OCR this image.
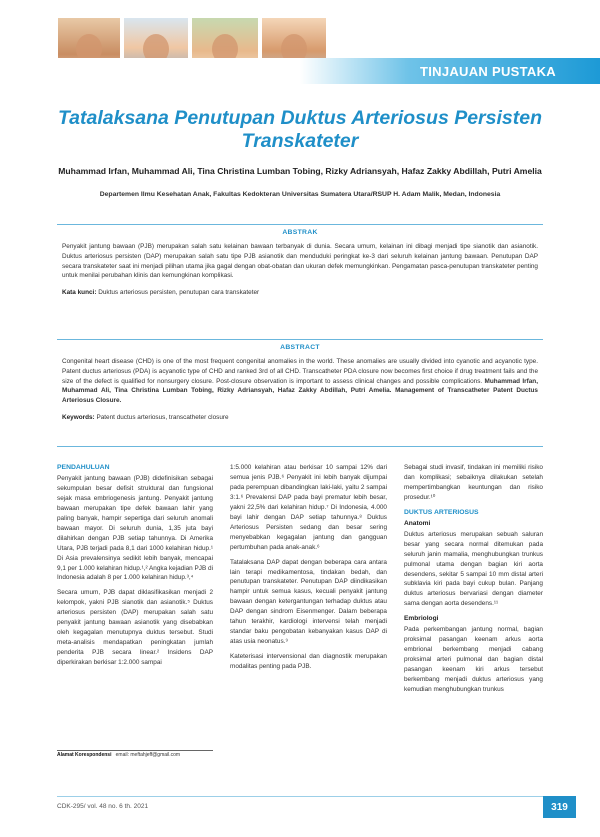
TINJAUAN PUSTAKA
Tatalaksana Penutupan Duktus Arteriosus Persisten Transkateter

Muhammad Irfan, Muhammad Ali, Tina Christina Lumban Tobing, Rizky Adriansyah, Hafaz Zakky Abdillah, Putri Amelia

Departemen Ilmu Kesehatan Anak, Fakultas Kedokteran Universitas Sumatera Utara/RSUP H. Adam Malik, Medan, Indonesia

ABSTRAK

Penyakit jantung bawaan (PJB) merupakan salah satu kelainan bawaan terbanyak di dunia. Secara umum, kelainan ini dibagi menjadi tipe sianotik dan asianotik. Duktus arteriosus persisten (DAP) merupakan salah satu tipe PJB asianotik dan menduduki peringkat ke-3 dari seluruh kelainan jantung bawaan. Penutupan DAP secara transkateter saat ini menjadi pilihan utama jika gagal dengan obat-obatan dan ukuran defek memungkinkan. Pengamatan pasca-penutupan transkateter penting untuk menilai perubahan klinis dan kemungkinan komplikasi.

Kata kunci: Duktus arteriosus persisten, penutupan cara transkateter

ABSTRACT

Congenital heart disease (CHD) is one of the most frequent congenital anomalies in the world. These anomalies are usually divided into cyanotic and acyanotic type. Patent ductus arteriosus (PDA) is acyanotic type of CHD and ranked 3rd of all CHD. Transcatheter PDA closure now becomes first choice if drug treatment fails and the size of the defect is qualified for nonsurgery closure. Post-closure observation is important to assess clinical changes and possible complications. Muhammad Irfan, Muhammad Ali, Tina Christina Lumban Tobing, Rizky Adriansyah, Hafaz Zakky Abdillah, Putri Amelia. Management of Transcatheter Patent Ductus Arteriosus Closure.

Keywords: Patent ductus arteriosus, transcatheter closure

PENDAHULUAN

Penyakit jantung bawaan (PJB) didefinisikan sebagai sekumpulan besar defisit struktural dan fungsional sejak masa embriogenesis jantung. Penyakit jantung bawaan merupakan tipe defek bawaan lahir yang paling banyak, hampir sepertiga dari seluruh anomali bawaan mayor. Di seluruh dunia, 1,35 juta bayi dilahirkan dengan PJB setiap tahunnya. Di Amerika Utara, PJB terjadi pada 8,1 dari 1000 kelahiran hidup.¹ Di Asia prevalensinya sedikit lebih banyak, mencapai 9,1 per 1.000 kelahiran hidup.¹,² Angka kejadian PJB di Indonesia adalah 8 per 1.000 kelahiran hidup.³,⁴

Secara umum, PJB dapat diklasifikasikan menjadi 2 kelompok, yakni PJB sianotik dan asianotik.⁵ Duktus arteriosus persisten (DAP) merupakan salah satu penyakit jantung bawaan asianotik yang disebabkan oleh kegagalan menutupnya duktus tersebut. Studi meta-analisis mendapatkan peningkatan jumlah penderita PJB secara linear.² Insidens DAP diperkirakan berkisar 1:2.000 sampai

1:5.000 kelahiran atau berkisar 10 sampai 12% dari semua jenis PJB.⁶ Penyakit ini lebih banyak dijumpai pada perempuan dibandingkan laki-laki, yaitu 2 sampai 3:1.⁶ Prevalensi DAP pada bayi prematur lebih besar, yakni 22,5% dari kelahiran hidup.⁷ Di Indonesia, 4.000 bayi lahir dengan DAP setiap tahunnya.⁸ Duktus Arteriosus Persisten sedang dan besar sering menyebabkan kegagalan jantung dan gangguan pertumbuhan pada anak-anak.⁶

Tatalaksana DAP dapat dengan beberapa cara antara lain terapi medikamentosa, tindakan bedah, dan penutupan transkateter. Penutupan DAP diindikasikan hampir untuk semua kasus, kecuali penyakit jantung bawaan dengan ketergantungan terhadap duktus atau DAP dengan sindrom Eisenmenger. Dalam beberapa tahun terakhir, kardiologi intervensi telah menjadi standar baku pengobatan kebanyakan kasus DAP di atas usia neonatus.⁹

Kateterisasi intervensional dan diagnostik merupakan modalitas penting pada PJB.

Sebagai studi invasif, tindakan ini memiliki risiko dan komplikasi; sebaiknya dilakukan setelah mempertimbangkan keuntungan dan risiko prosedur.¹⁰

DUKTUS ARTERIOSUS

Anatomi

Duktus arteriosus merupakan sebuah saluran besar yang secara normal ditemukan pada seluruh janin mamalia, menghubungkan trunkus pulmonal utama dengan bagian kiri aorta desendens, sekitar 5 sampai 10 mm distal arteri subklavia kiri pada bayi cukup bulan. Panjang duktus arteriosus bervariasi dengan diameter sama dengan aorta desendens.¹¹

Embriologi

Pada perkembangan jantung normal, bagian proksimal pasangan keenam arkus aorta embrional berkembang menjadi cabang proksimal arteri pulmonal dan bagian distal pasangan keenam kiri arkus tersebut berkembang menjadi duktus arteriosus yang kemudian menghubungkan trunkus

Alamat Korespondensi email: meftahjeff@gmail.com
CDK-295/ vol. 48 no. 6 th. 2021	319
